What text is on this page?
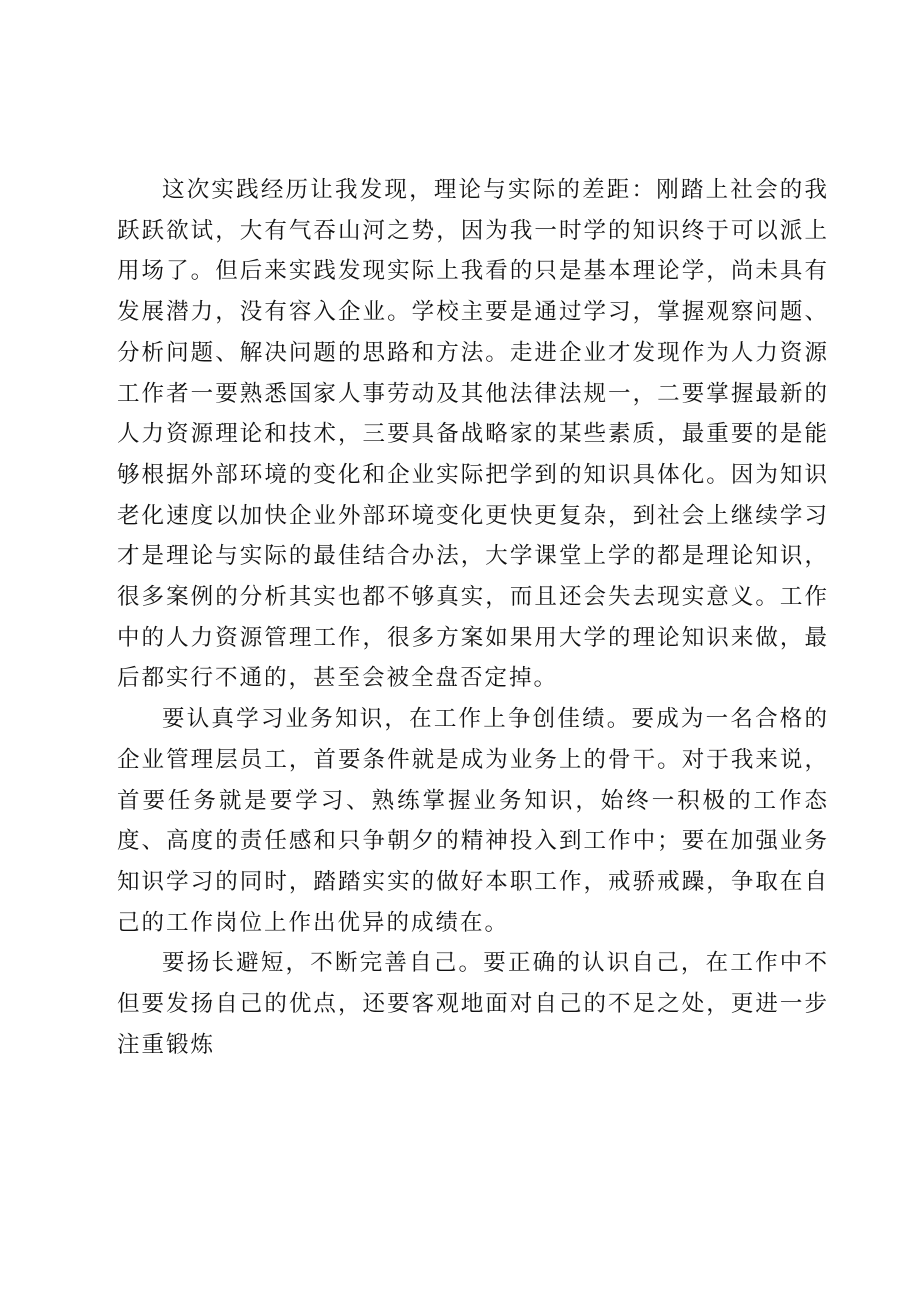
这次实践经历让我发现，理论与实际的差距：刚踏上社会的我跃跃欲试，大有气吞山河之势，因为我一时学的知识终于可以派上用场了。但后来实践发现实际上我看的只是基本理论学，尚未具有发展潜力，没有容入企业。学校主要是通过学习，掌握观察问题、分析问题、解决问题的思路和方法。走进企业才发现作为人力资源工作者一要熟悉国家人事劳动及其他法律法规一，二要掌握最新的人力资源理论和技术，三要具备战略家的某些素质，最重要的是能够根据外部环境的变化和企业实际把学到的知识具体化。因为知识老化速度以加快企业外部环境变化更快更复杂，到社会上继续学习才是理论与实际的最佳结合办法，大学课堂上学的都是理论知识，很多案例的分析其实也都不够真实，而且还会失去现实意义。工作中的人力资源管理工作，很多方案如果用大学的理论知识来做，最后都实行不通的，甚至会被全盘否定掉。

要认真学习业务知识，在工作上争创佳绩。要成为一名合格的企业管理层员工，首要条件就是成为业务上的骨干。对于我来说，首要任务就是要学习、熟练掌握业务知识，始终一积极的工作态度、高度的责任感和只争朝夕的精神投入到工作中；要在加强业务知识学习的同时，踏踏实实的做好本职工作，戒骄戒躁，争取在自己的工作岗位上作出优异的成绩在。

要扬长避短，不断完善自己。要正确的认识自己，在工作中不但要发扬自己的优点，还要客观地面对自己的不足之处，更进一步注重锻炼
